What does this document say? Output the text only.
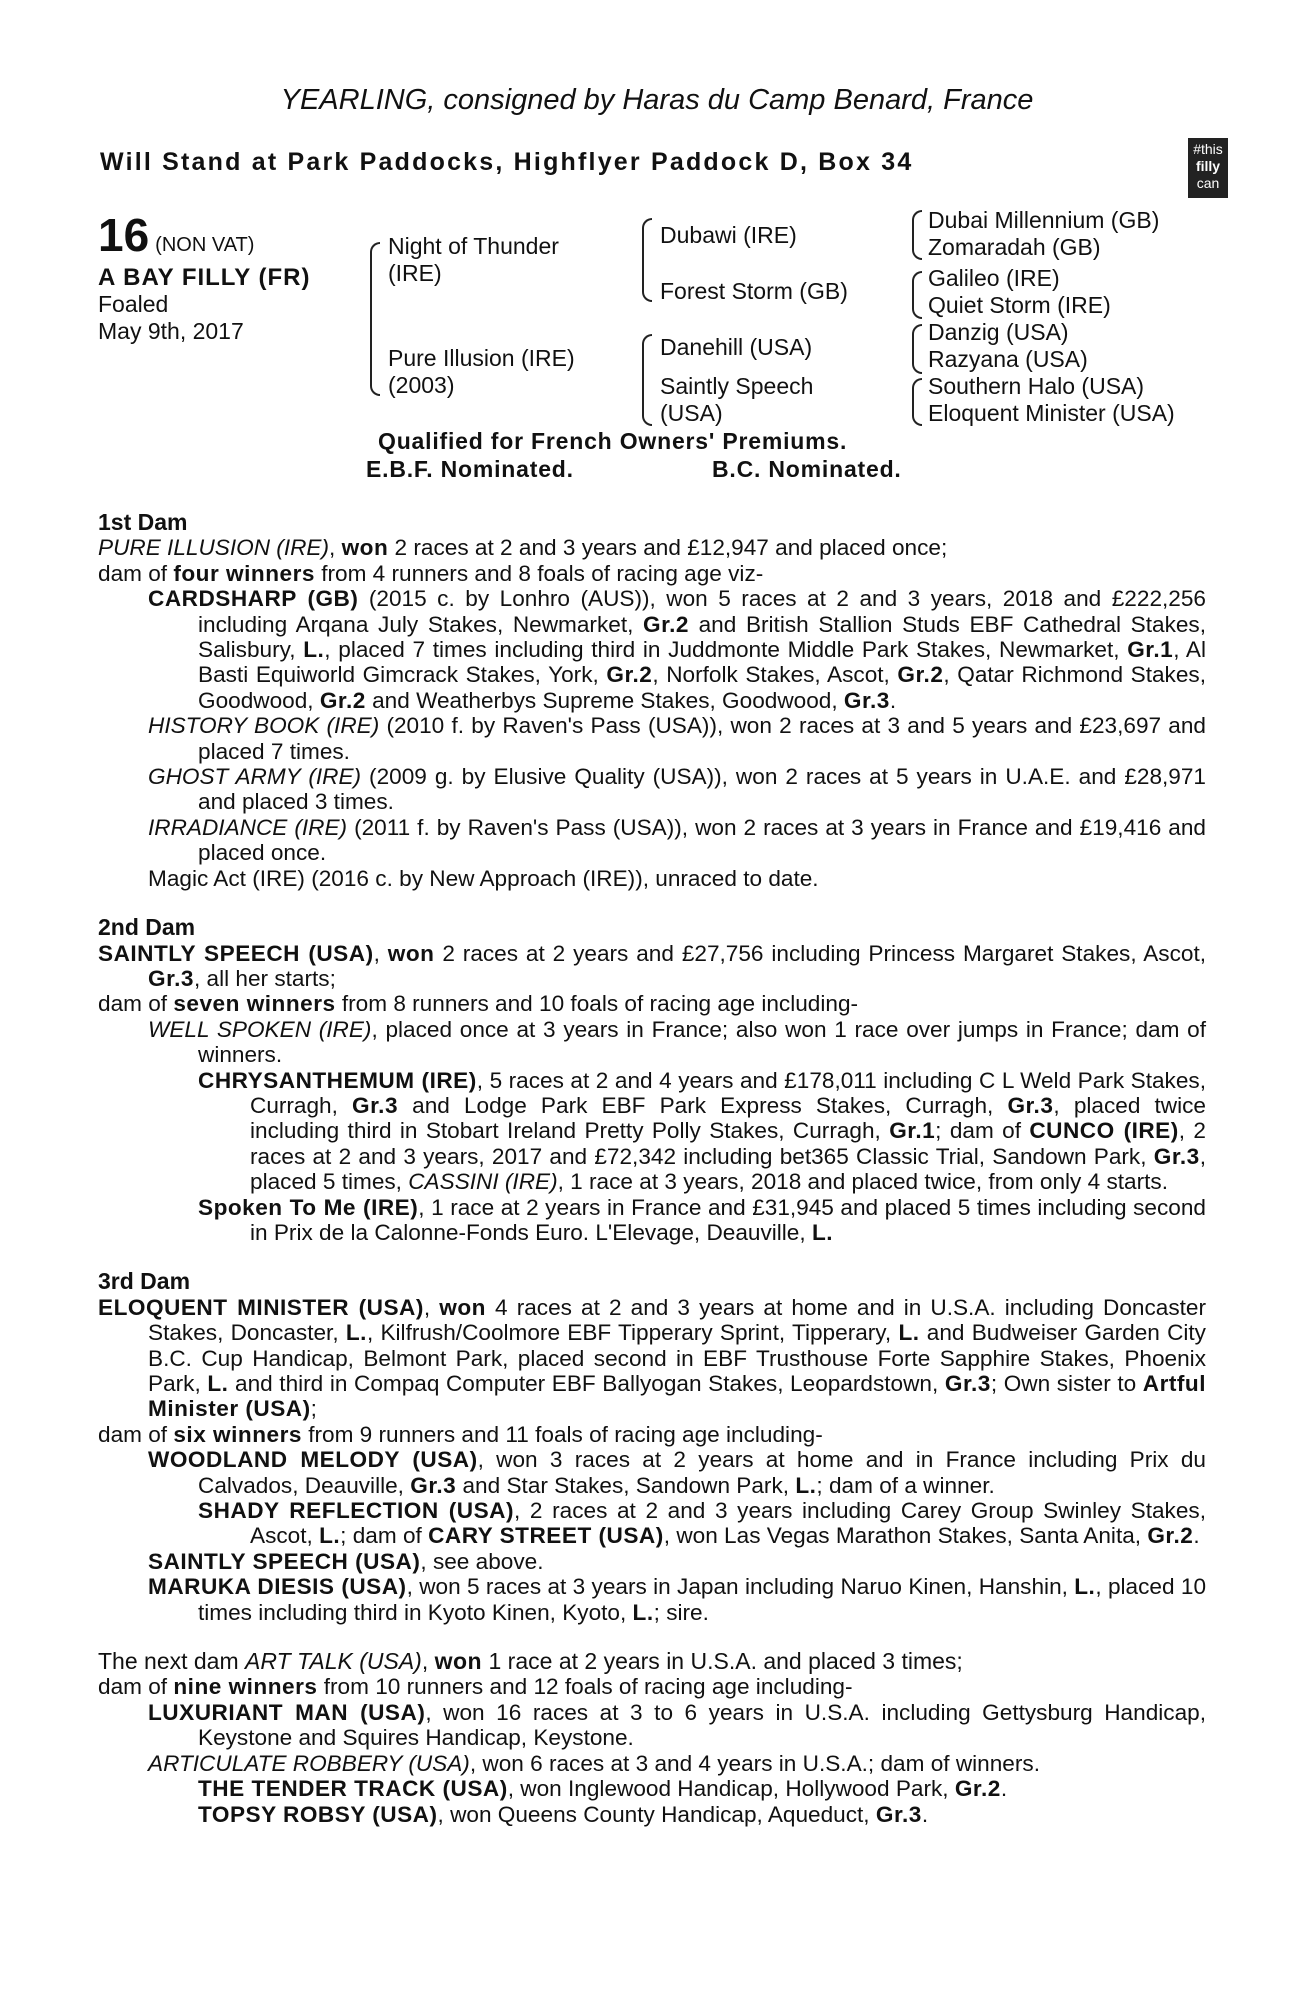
YEARLING, consigned by Haras du Camp Benard, France
Will Stand at Park Paddocks, Highflyer Paddock D, Box 34	#this
filly
can
16 (NON VAT)
A BAY FILLY (FR)
Foaled
May 9th, 2017
Night of Thunder
(IRE)
Pure Illusion (IRE)
(2003)
Dubawi (IRE)
Forest Storm (GB)
Danehill (USA)
Saintly Speech
(USA)
Dubai Millennium (GB)
Zomaradah (GB)
Galileo (IRE)
Quiet Storm (IRE)
Danzig (USA)
Razyana (USA)
Southern Halo (USA)
Eloquent Minister (USA)
Qualified for French Owners' Premiums.
E.B.F. Nominated.	B.C. Nominated.

1st Dam

PURE ILLUSION (IRE), won 2 races at 2 and 3 years and £12,947 and placed once;

dam of four winners from 4 runners and 8 foals of racing age viz-

CARDSHARP (GB) (2015 c. by Lonhro (AUS)), won 5 races at 2 and 3 years, 2018 and £222,256 including Arqana July Stakes, Newmarket, Gr.2 and British Stallion Studs EBF Cathedral Stakes, Salisbury, L., placed 7 times including third in Juddmonte Middle Park Stakes, Newmarket, Gr.1, Al Basti Equiworld Gimcrack Stakes, York, Gr.2, Norfolk Stakes, Ascot, Gr.2, Qatar Richmond Stakes, Goodwood, Gr.2 and Weatherbys Supreme Stakes, Goodwood, Gr.3.

HISTORY BOOK (IRE) (2010 f. by Raven's Pass (USA)), won 2 races at 3 and 5 years and £23,697 and placed 7 times.

GHOST ARMY (IRE) (2009 g. by Elusive Quality (USA)), won 2 races at 5 years in U.A.E. and £28,971 and placed 3 times.

IRRADIANCE (IRE) (2011 f. by Raven's Pass (USA)), won 2 races at 3 years in France and £19,416 and placed once.

Magic Act (IRE) (2016 c. by New Approach (IRE)), unraced to date.

2nd Dam

SAINTLY SPEECH (USA), won 2 races at 2 years and £27,756 including Princess Margaret Stakes, Ascot, Gr.3, all her starts;

dam of seven winners from 8 runners and 10 foals of racing age including-

WELL SPOKEN (IRE), placed once at 3 years in France; also won 1 race over jumps in France; dam of winners.

CHRYSANTHEMUM (IRE), 5 races at 2 and 4 years and £178,011 including C L Weld Park Stakes, Curragh, Gr.3 and Lodge Park EBF Park Express Stakes, Curragh, Gr.3, placed twice including third in Stobart Ireland Pretty Polly Stakes, Curragh, Gr.1; dam of CUNCO (IRE), 2 races at 2 and 3 years, 2017 and £72,342 including bet365 Classic Trial, Sandown Park, Gr.3, placed 5 times, CASSINI (IRE), 1 race at 3 years, 2018 and placed twice, from only 4 starts.

Spoken To Me (IRE), 1 race at 2 years in France and £31,945 and placed 5 times including second in Prix de la Calonne-Fonds Euro. L'Elevage, Deauville, L.

3rd Dam

ELOQUENT MINISTER (USA), won 4 races at 2 and 3 years at home and in U.S.A. including Doncaster Stakes, Doncaster, L., Kilfrush/Coolmore EBF Tipperary Sprint, Tipperary, L. and Budweiser Garden City B.C. Cup Handicap, Belmont Park, placed second in EBF Trusthouse Forte Sapphire Stakes, Phoenix Park, L. and third in Compaq Computer EBF Ballyogan Stakes, Leopardstown, Gr.3; Own sister to Artful Minister (USA);

dam of six winners from 9 runners and 11 foals of racing age including-

WOODLAND MELODY (USA), won 3 races at 2 years at home and in France including Prix du Calvados, Deauville, Gr.3 and Star Stakes, Sandown Park, L.; dam of a winner.

SHADY REFLECTION (USA), 2 races at 2 and 3 years including Carey Group Swinley Stakes, Ascot, L.; dam of CARY STREET (USA), won Las Vegas Marathon Stakes, Santa Anita, Gr.2.

SAINTLY SPEECH (USA), see above.

MARUKA DIESIS (USA), won 5 races at 3 years in Japan including Naruo Kinen, Hanshin, L., placed 10 times including third in Kyoto Kinen, Kyoto, L.; sire.

The next dam ART TALK (USA), won 1 race at 2 years in U.S.A. and placed 3 times;

dam of nine winners from 10 runners and 12 foals of racing age including-

LUXURIANT MAN (USA), won 16 races at 3 to 6 years in U.S.A. including Gettysburg Handicap, Keystone and Squires Handicap, Keystone.

ARTICULATE ROBBERY (USA), won 6 races at 3 and 4 years in U.S.A.; dam of winners.

THE TENDER TRACK (USA), won Inglewood Handicap, Hollywood Park, Gr.2.

TOPSY ROBSY (USA), won Queens County Handicap, Aqueduct, Gr.3.
